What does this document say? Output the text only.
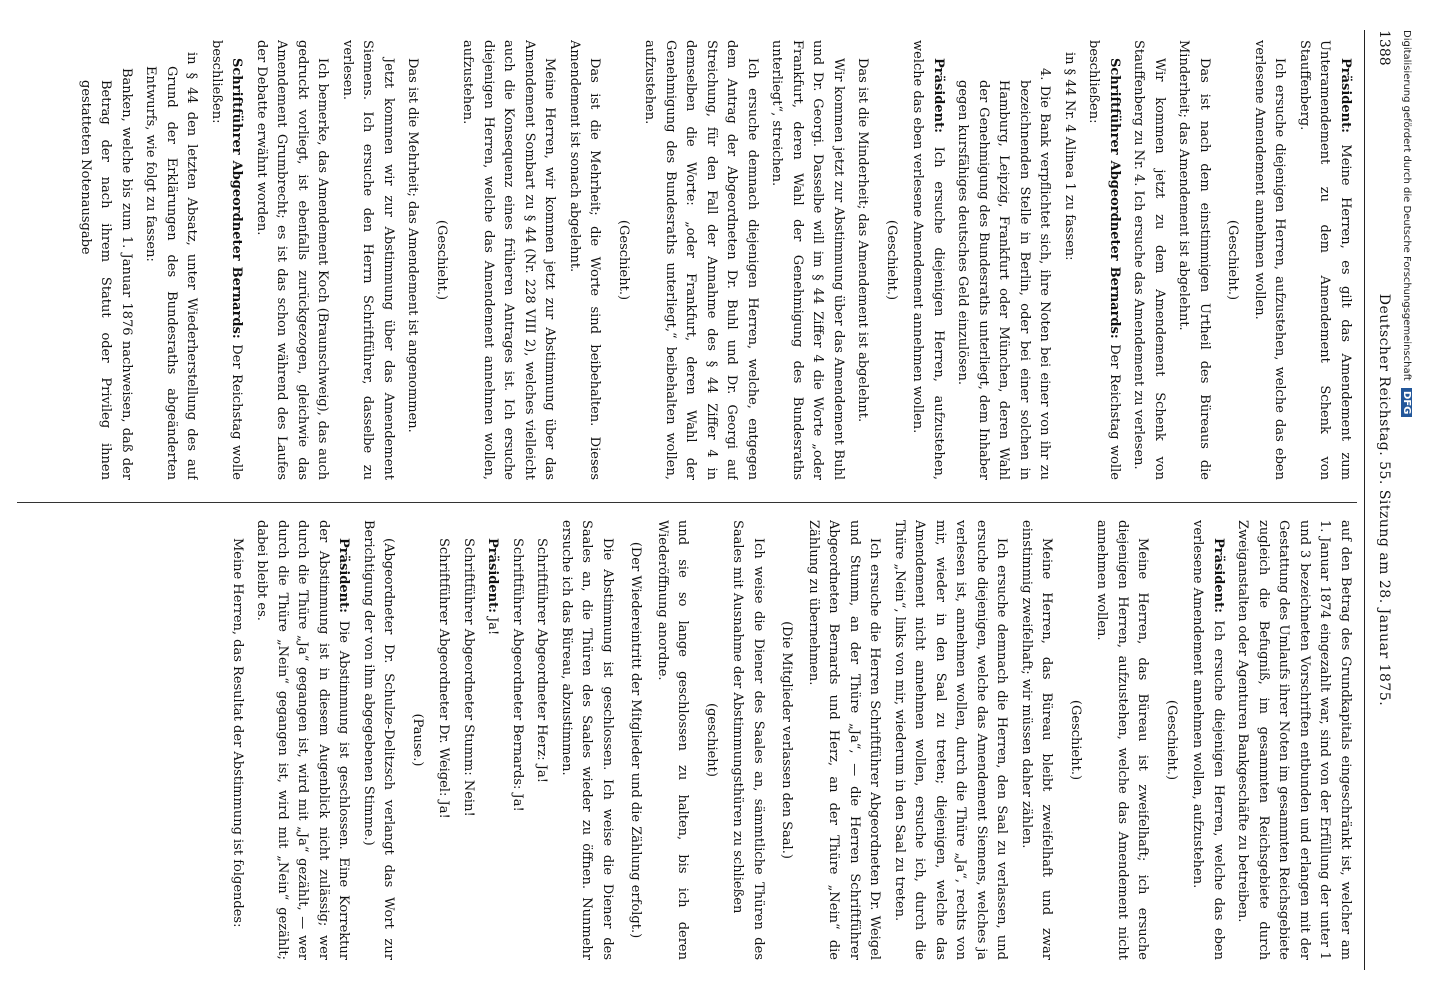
1388
Deutscher Reichstag. 55. Sitzung am 28. Januar 1875.

Präsident: Meine Herren, es gilt das Amendement zum Unteramendement zu dem Amendement Schenk von Stauffenberg.

Ich ersuche diejenigen Herren, aufzustehen, welche das eben verlesene Amendement annehmen wollen.

(Geschieht.)

Das ist nach dem einstimmigen Urtheil des Büreaus die Minderheit; das Amendement ist abgelehnt.

Wir kommen jetzt zu dem Amendement Schenk von Stauffenberg zu Nr. 4. Ich ersuche das Amendement zu verlesen.

Schriftführer Abgeordneter Bernards: Der Reichstag wolle beschließen:

in § 44 Nr. 4 Alinea 1 zu fassen:

4. Die Bank verpflichtet sich, ihre Noten bei einer von ihr zu bezeichnenden Stelle in Berlin, oder bei einer solchen in Hamburg, Leipzig, Frankfurt oder München, deren Wahl der Genehmigung des Bundesraths unterliegt, dem Inhaber gegen kursfähiges deutsches Geld einzulösen.

Präsident: Ich ersuche diejenigen Herren, aufzustehen, welche das eben verlesene Amendement annehmen wollen.

(Geschieht.)

Das ist die Minderheit; das Amendement ist abgelehnt.

Wir kommen jetzt zur Abstimmung über das Amendement Buhl und Dr. Georgi. Dasselbe will im § 44 Ziffer 4 die Worte „oder Frankfurt, deren Wahl der Genehmigung des Bundesraths unterliegt“, streichen.

Ich ersuche demnach diejenigen Herren, welche, entgegen dem Antrag der Abgeordneten Dr. Buhl und Dr. Georgi auf Streichung, für den Fall der Annahme des § 44 Ziffer 4 in demselben die Worte: „oder Frankfurt, deren Wahl der Genehmigung des Bundesraths unterliegt,“ beibehalten wollen, aufzustehen.

(Geschieht.)

Das ist die Mehrheit; die Worte sind beibehalten. Dieses Amendement ist sonach abgelehnt.

Meine Herren, wir kommen jetzt zur Abstimmung über das Amendement Sombart zu § 44 (Nr. 228 VIII 2), welches vielleicht auch die Konsequenz eines früheren Antrages ist. Ich ersuche diejenigen Herren, welche das Amendement annehmen wollen, aufzustehen.

(Geschieht.)

Das ist die Mehrheit; das Amendement ist angenommen.

Jetzt kommen wir zur Abstimmung über das Amendement Siemens. Ich ersuche den Herrn Schriftführer, dasselbe zu verlesen.

Ich bemerke, das Amendement Koch (Braunschweig), das auch gedruckt vorliegt, ist ebenfalls zurückgezogen, gleichwie das Amendement Grumbrecht; es ist das schon während des Laufes der Debatte erwähnt worden.

Schriftführer Abgeordneter Bernards: Der Reichstag wolle beschließen:

in § 44 den letzten Absatz, unter Wiederherstellung des auf Grund der Erklärungen des Bundesraths abgeänderten Entwurfs, wie folgt zu fassen:

Banken, welche bis zum 1. Januar 1876 nachweisen, daß der Betrag der nach ihrem Statut oder Privileg ihnen gestatteten Notenausgabe

auf den Betrag des Grundkapitals eingeschränkt ist, welcher am 1. Januar 1874 eingezahlt war, sind von der Erfüllung der unter 1 und 3 bezeichneten Vorschriften entbunden und erlangen mit der Gestattung des Umlaufs ihrer Noten im gesammten Reichsgebiete zugleich die Befugniß, im gesammten Reichsgebiete durch Zweiganstalten oder Agenturen Bankgeschäfte zu betreiben.

Präsident: Ich ersuche diejenigen Herren, welche das eben verlesene Amendement annehmen wollen, aufzustehen.

(Geschieht.)

Meine Herren, das Büreau ist zweifelhaft; ich ersuche diejenigen Herren, aufzustehen, welche das Amendement nicht annehmen wollen.

(Geschieht.)

Meine Herren, das Büreau bleibt zweifelhaft und zwar einstimmig zweifelhaft; wir müssen daher zählen.

Ich ersuche demnach die Herren, den Saal zu verlassen, und ersuche diejenigen, welche das Amendement Siemens, welches ja verlesen ist, annehmen wollen, durch die Thüre „Ja“, rechts von mir, wieder in den Saal zu treten; diejenigen, welche das Amendement nicht annehmen wollen, ersuche ich, durch die Thüre „Nein“, links von mir, wiederum in den Saal zu treten.

Ich ersuche die Herren Schriftführer Abgeordneten Dr. Weigel und Stumm, an der Thüre „Ja“, — die Herren Schriftführer Abgeordneten Bernards und Herz, an der Thüre „Nein“ die Zählung zu übernehmen.

(Die Mitglieder verlassen den Saal.)

Ich weise die Diener des Saales an, sämmtliche Thüren des Saales mit Ausnahme der Abstimmungsthüren zu schließen

(geschieht)

und sie so lange geschlossen zu halten, bis ich deren Wiederöffnung anordne.

(Der Wiedereintritt der Mitglieder und die Zählung erfolgt.)

Die Abstimmung ist geschlossen. Ich weise die Diener des Saales an, die Thüren des Saales wieder zu öffnen. Nunmehr ersuche ich das Büreau, abzustimmen.

Schriftführer Abgeordneter Herz: Ja!

Schriftführer Abgeordneter Bernards: Ja!

Präsident: Ja!

Schriftführer Abgeordneter Stumm: Nein!

Schriftführer Abgeordneter Dr. Weigel: Ja!

(Pause.)

(Abgeordneter Dr. Schulze-Delitzsch verlangt das Wort zur Berichtigung der von ihm abgegebenen Stimme.)

Präsident: Die Abstimmung ist geschlossen. Eine Korrektur der Abstimmung ist in diesem Augenblick nicht zulässig; wer durch die Thüre „Ja“ gegangen ist, wird mit „Ja“ gezählt, — wer durch die Thüre „Nein“ gegangen ist, wird mit „Nein“ gezählt; dabei bleibt es.

Meine Herren, das Resultat der Abstimmung ist folgendes:

Digitalisierung gefördert durch die Deutsche Forschungsgemeinschaft DFG
